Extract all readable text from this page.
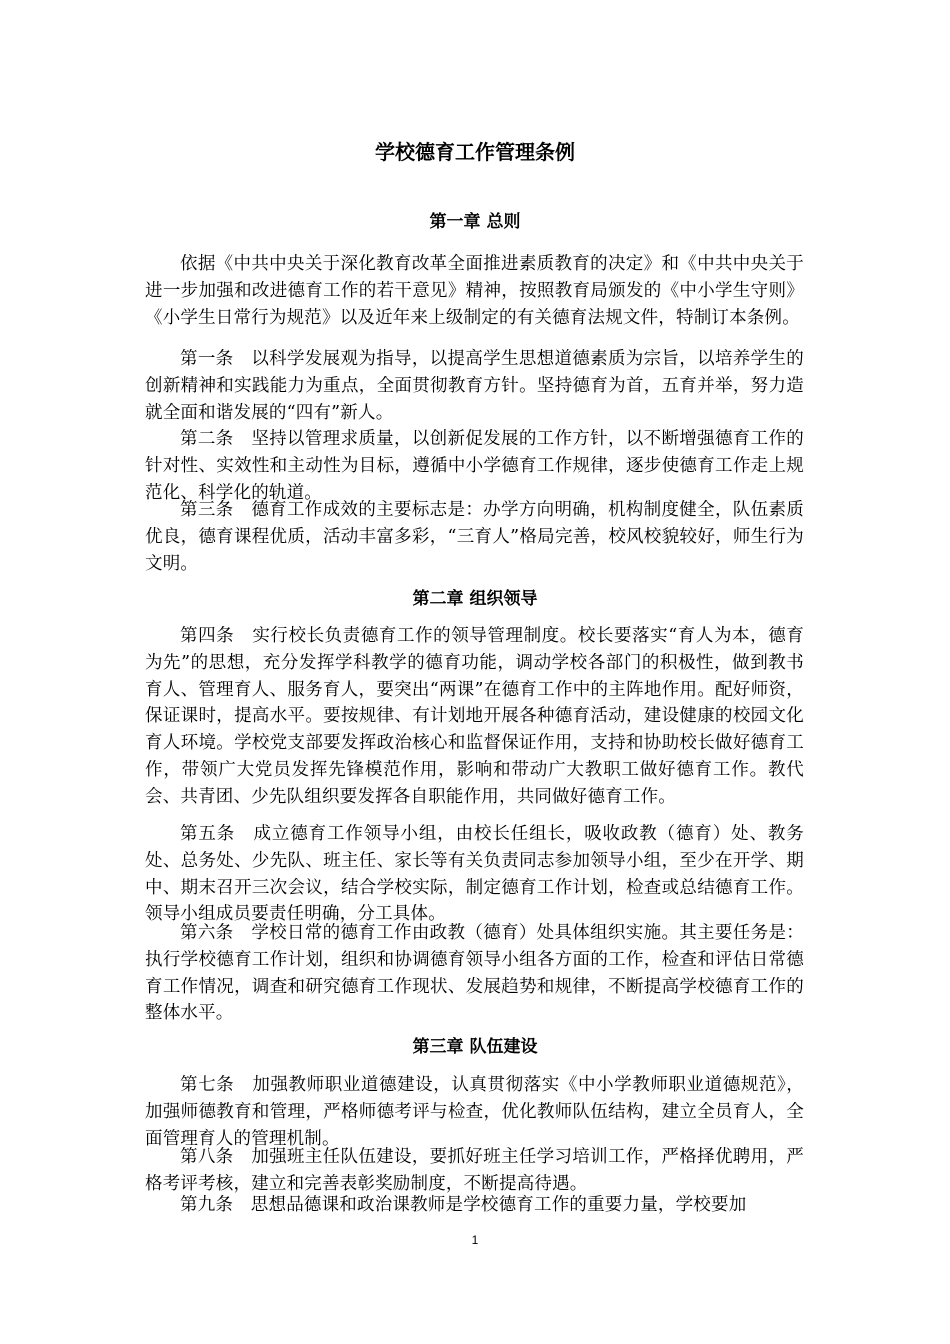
学校德育工作管理条例
第一章 总则

依据《中共中央关于深化教育改革全面推进素质教育的决定》和《中共中央关于进一步加强和改进德育工作的若干意见》精神，按照教育局颁发的《中小学生守则》《小学生日常行为规范》以及近年来上级制定的有关德育法规文件，特制订本条例。

第一条　以科学发展观为指导，以提高学生思想道德素质为宗旨，以培养学生的创新精神和实践能力为重点，全面贯彻教育方针。坚持德育为首，五育并举，努力造就全面和谐发展的“四有”新人。

第二条　坚持以管理求质量，以创新促发展的工作方针，以不断增强德育工作的针对性、实效性和主动性为目标，遵循中小学德育工作规律，逐步使德育工作走上规范化、科学化的轨道。

第三条　德育工作成效的主要标志是：办学方向明确，机构制度健全，队伍素质优良，德育课程优质，活动丰富多彩，“三育人”格局完善，校风校貌较好，师生行为文明。

第二章 组织领导

第四条　实行校长负责德育工作的领导管理制度。校长要落实“育人为本，德育为先”的思想，充分发挥学科教学的德育功能，调动学校各部门的积极性，做到教书育人、管理育人、服务育人，要突出“两课”在德育工作中的主阵地作用。配好师资，保证课时，提高水平。要按规律、有计划地开展各种德育活动，建设健康的校园文化育人环境。学校党支部要发挥政治核心和监督保证作用，支持和协助校长做好德育工作，带领广大党员发挥先锋模范作用，影响和带动广大教职工做好德育工作。教代会、共青团、少先队组织要发挥各自职能作用，共同做好德育工作。

第五条　成立德育工作领导小组，由校长任组长，吸收政教（德育）处、教务处、总务处、少先队、班主任、家长等有关负责同志参加领导小组，至少在开学、期中、期末召开三次会议，结合学校实际，制定德育工作计划，检查或总结德育工作。领导小组成员要责任明确，分工具体。

第六条　学校日常的德育工作由政教（德育）处具体组织实施。其主要任务是：执行学校德育工作计划，组织和协调德育领导小组各方面的工作，检查和评估日常德育工作情况，调查和研究德育工作现状、发展趋势和规律，不断提高学校德育工作的整体水平。

第三章 队伍建设

第七条　加强教师职业道德建设，认真贯彻落实《中小学教师职业道德规范》，加强师德教育和管理，严格师德考评与检查，优化教师队伍结构，建立全员育人，全面管理育人的管理机制。

第八条　加强班主任队伍建设，要抓好班主任学习培训工作，严格择优聘用，严格考评考核，建立和完善表彰奖励制度，不断提高待遇。

第九条　思想品德课和政治课教师是学校德育工作的重要力量，学校要加

1
